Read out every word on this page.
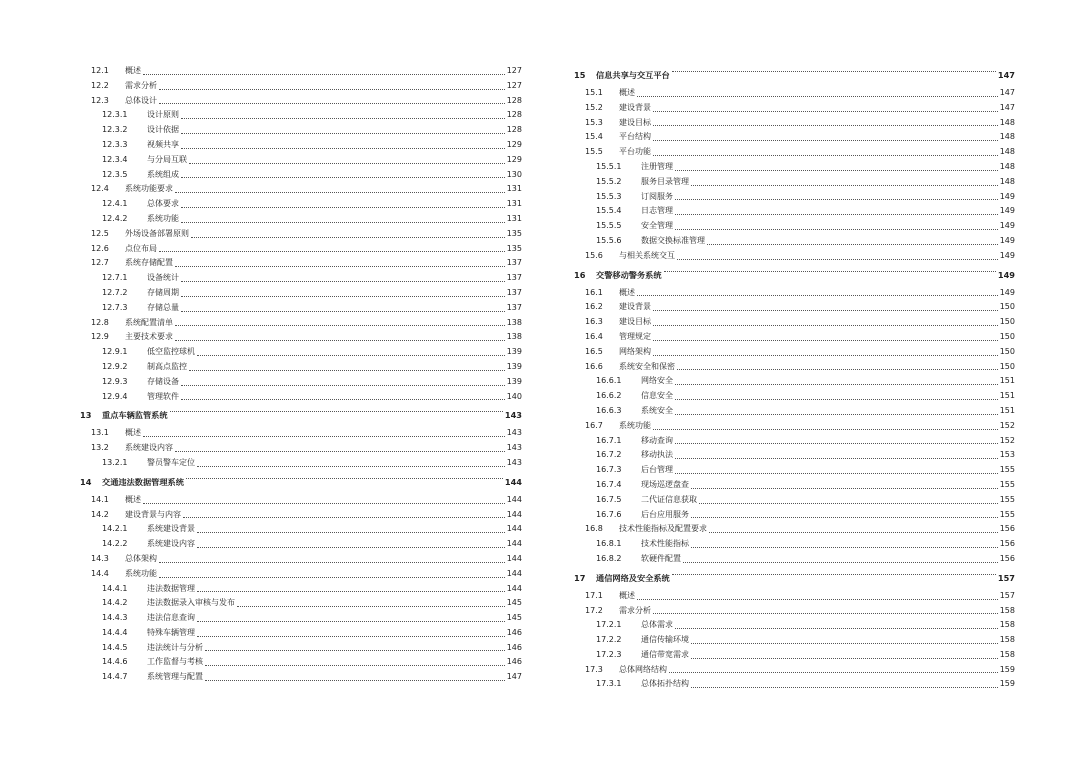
12.1	概述	127
12.2	需求分析	127
12.3	总体设计	128
12.3.1	设计原则	128
12.3.2	设计依据	128
12.3.3	视频共享	129
12.3.4	与分局互联	129
12.3.5	系统组成	130
12.4	系统功能要求	131
12.4.1	总体要求	131
12.4.2	系统功能	131
12.5	外场设备部署原则	135
12.6	点位布局	135
12.7	系统存储配置	137
12.7.1	设备统计	137
12.7.2	存储周期	137
12.7.3	存储总量	137
12.8	系统配置清单	138
12.9	主要技术要求	138
12.9.1	低空监控球机	139
12.9.2	制高点监控	139
12.9.3	存储设备	139
12.9.4	管理软件	140
13	重点车辆监管系统	143
13.1	概述	143
13.2	系统建设内容	143
13.2.1	警员警车定位	143
14	交通违法数据管理系统	144
14.1	概述	144
14.2	建设背景与内容	144
14.2.1	系统建设背景	144
14.2.2	系统建设内容	144
14.3	总体架构	144
14.4	系统功能	144
14.4.1	违法数据管理	144
14.4.2	违法数据录入审核与发布	145
14.4.3	违法信息查询	145
14.4.4	特殊车辆管理	146
14.4.5	违法统计与分析	146
14.4.6	工作监督与考核	146
14.4.7	系统管理与配置	147
15	信息共享与交互平台	147
15.1	概述	147
15.2	建设背景	147
15.3	建设目标	148
15.4	平台结构	148
15.5	平台功能	148
15.5.1	注册管理	148
15.5.2	服务目录管理	148
15.5.3	订阅服务	149
15.5.4	日志管理	149
15.5.5	安全管理	149
15.5.6	数据交换标准管理	149
15.6	与相关系统交互	149
16	交警移动警务系统	149
16.1	概述	149
16.2	建设背景	150
16.3	建设目标	150
16.4	管理规定	150
16.5	网络架构	150
16.6	系统安全和保密	150
16.6.1	网络安全	151
16.6.2	信息安全	151
16.6.3	系统安全	151
16.7	系统功能	152
16.7.1	移动查询	152
16.7.2	移动执法	153
16.7.3	后台管理	155
16.7.4	现场巡逻盘查	155
16.7.5	二代证信息获取	155
16.7.6	后台应用服务	155
16.8	技术性能指标及配置要求	156
16.8.1	技术性能指标	156
16.8.2	软硬件配置	156
17	通信网络及安全系统	157
17.1	概述	157
17.2	需求分析	158
17.2.1	总体需求	158
17.2.2	通信传输环境	158
17.2.3	通信带宽需求	158
17.3	总体网络结构	159
17.3.1	总体拓扑结构	159
